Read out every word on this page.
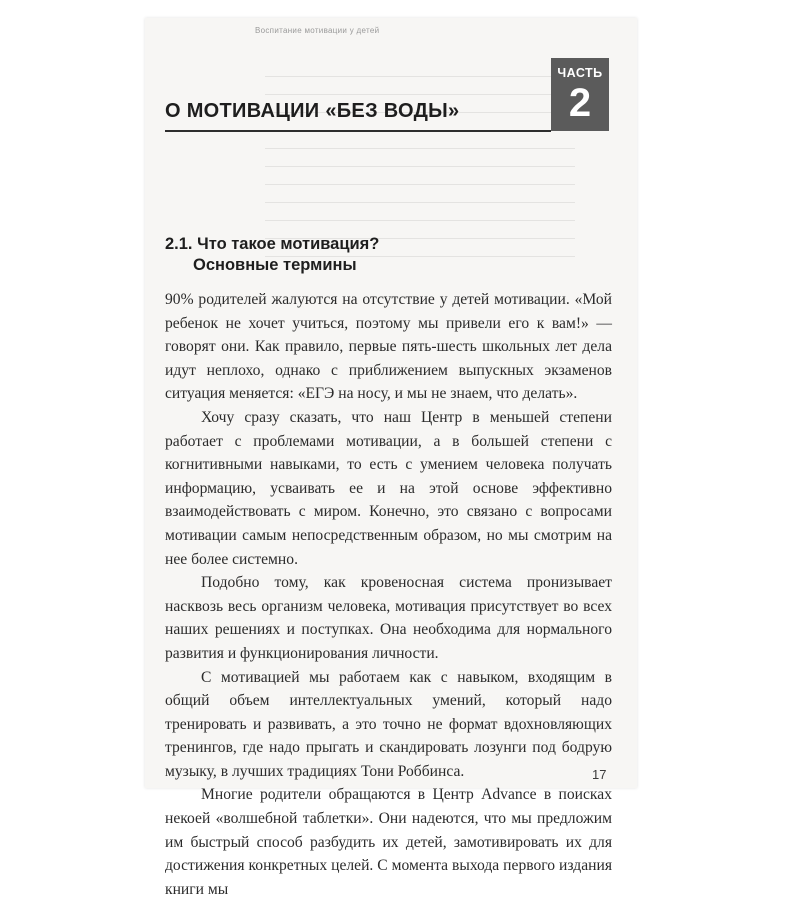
Воспитание мотивации у детей
ЧАСТЬ
2
О МОТИВАЦИИ «БЕЗ ВОДЫ»
2.1. Что такое мотивация?
Основные термины

90% родителей жалуются на отсутствие у детей мотивации. «Мой ребенок не хочет учиться, поэтому мы привели его к вам!» — говорят они. Как правило, первые пять-шесть школьных лет дела идут неплохо, однако с приближением выпускных экзаменов ситуация меняется: «ЕГЭ на носу, и мы не знаем, что делать».

Хочу сразу сказать, что наш Центр в меньшей степени работает с проблемами мотивации, а в большей степени с когнитивными навыками, то есть с умением человека получать информацию, усваивать ее и на этой основе эффективно взаимодействовать с миром. Конечно, это связано с вопросами мотивации самым непосредственным образом, но мы смотрим на нее более системно.

Подобно тому, как кровеносная система пронизывает насквозь весь организм человека, мотивация присутствует во всех наших решениях и поступках. Она необходима для нормального развития и функционирования личности.

С мотивацией мы работаем как с навыком, входящим в общий объем интеллектуальных умений, который надо тренировать и развивать, а это точно не формат вдохновляющих тренингов, где надо прыгать и скандировать лозунги под бодрую музыку, в лучших традициях Тони Роббинса.

Многие родители обращаются в Центр Advance в поисках некоей «волшебной таблетки». Они надеются, что мы предложим им быстрый способ разбудить их детей, замотивировать их для достижения конкретных целей. С момента выхода первого издания книги мы

17
